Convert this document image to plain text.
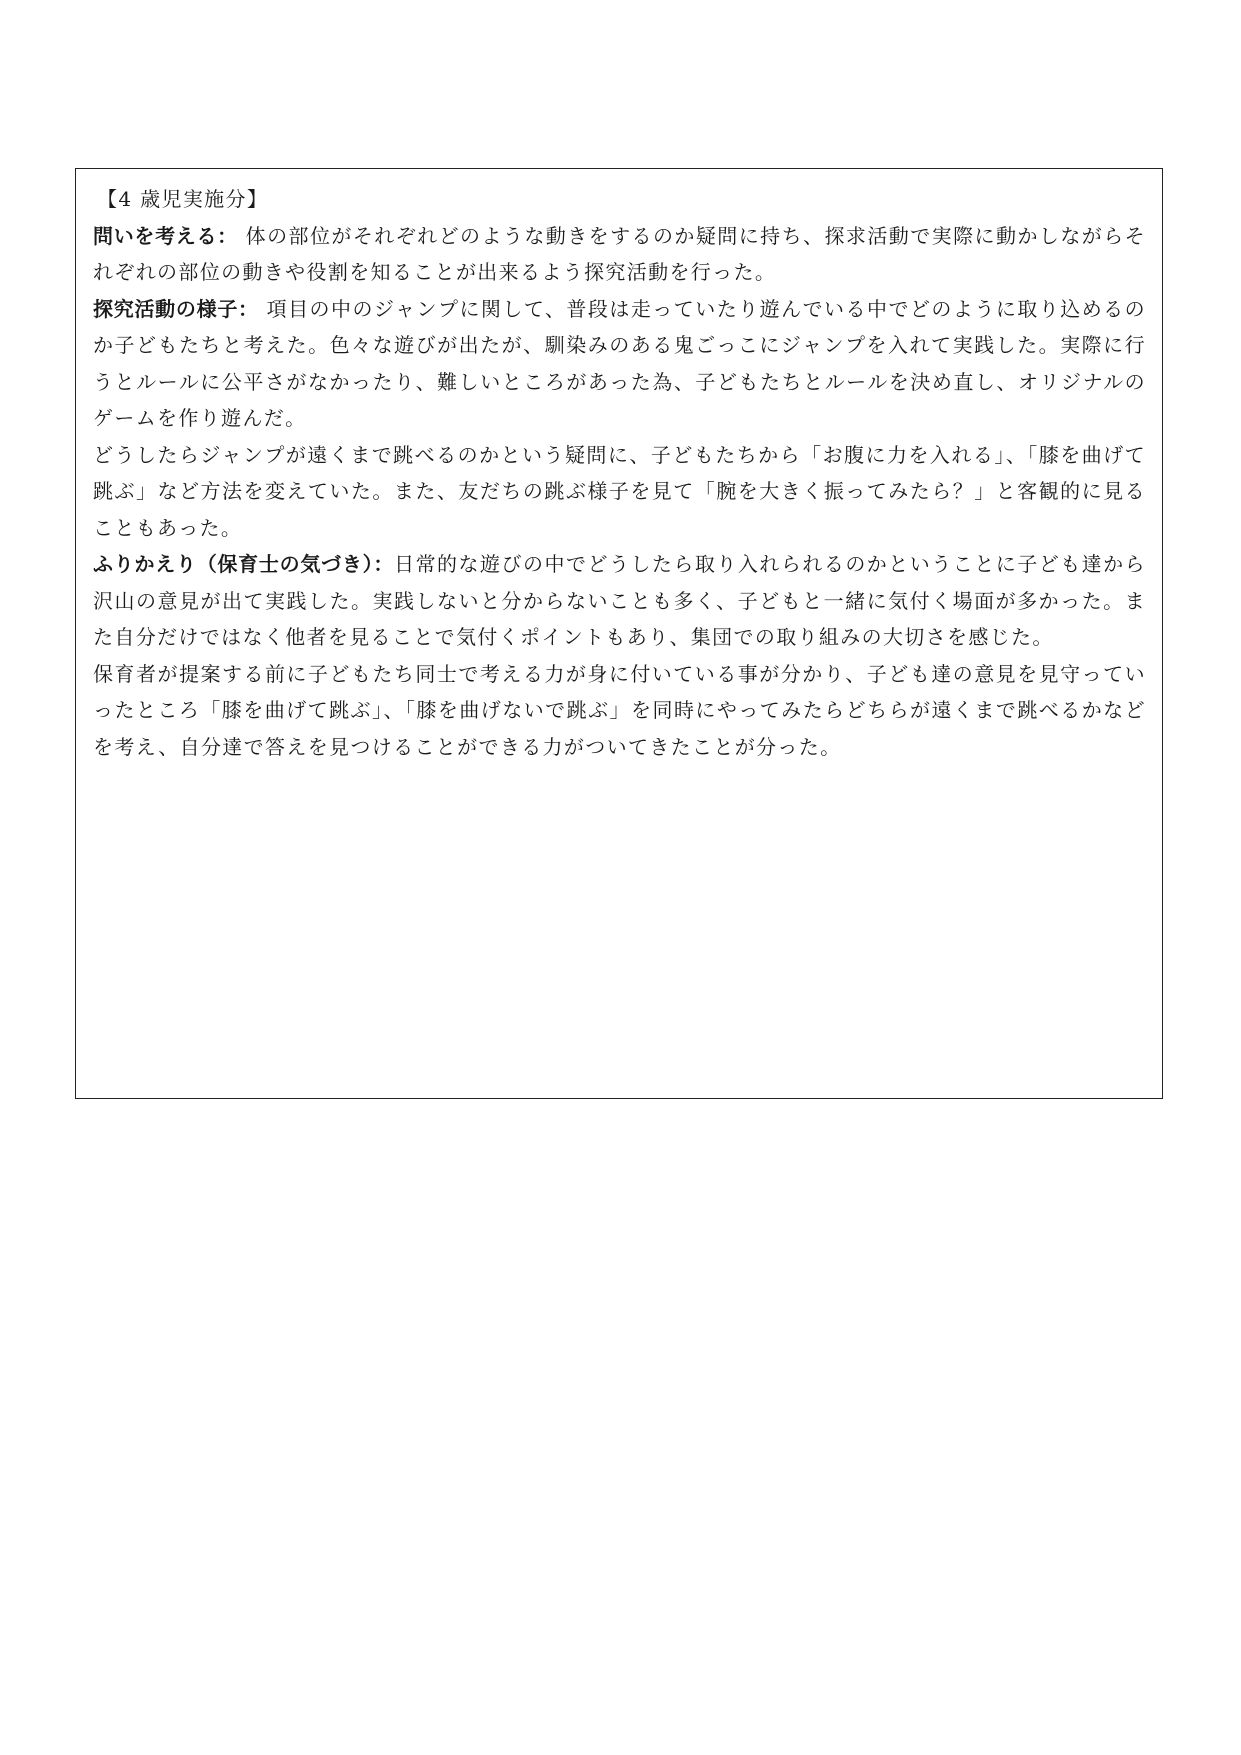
【4 歳児実施分】

問いを考える： 体の部位がそれぞれどのような動きをするのか疑問に持ち、探求活動で実際に動かしながらそれぞれの部位の動きや役割を知ることが出来るよう探究活動を行った。

探究活動の様子： 項目の中のジャンプに関して、普段は走っていたり遊んでいる中でどのように取り込めるのか子どもたちと考えた。色々な遊びが出たが、馴染みのある鬼ごっこにジャンプを入れて実践した。実際に行うとルールに公平さがなかったり、難しいところがあった為、子どもたちとルールを決め直し、オリジナルのゲームを作り遊んだ。

どうしたらジャンプが遠くまで跳べるのかという疑問に、子どもたちから「お腹に力を入れる」、「膝を曲げて跳ぶ」など方法を変えていた。また、友だちの跳ぶ様子を見て「腕を大きく振ってみたら？」と客観的に見ることもあった。

ふりかえり（保育士の気づき）：日常的な遊びの中でどうしたら取り入れられるのかということに子ども達から沢山の意見が出て実践した。実践しないと分からないことも多く、子どもと一緒に気付く場面が多かった。また自分だけではなく他者を見ることで気付くポイントもあり、集団での取り組みの大切さを感じた。

保育者が提案する前に子どもたち同士で考える力が身に付いている事が分かり、子ども達の意見を見守っていったところ「膝を曲げて跳ぶ」、「膝を曲げないで跳ぶ」を同時にやってみたらどちらが遠くまで跳べるかなどを考え、自分達で答えを見つけることができる力がついてきたことが分った。
